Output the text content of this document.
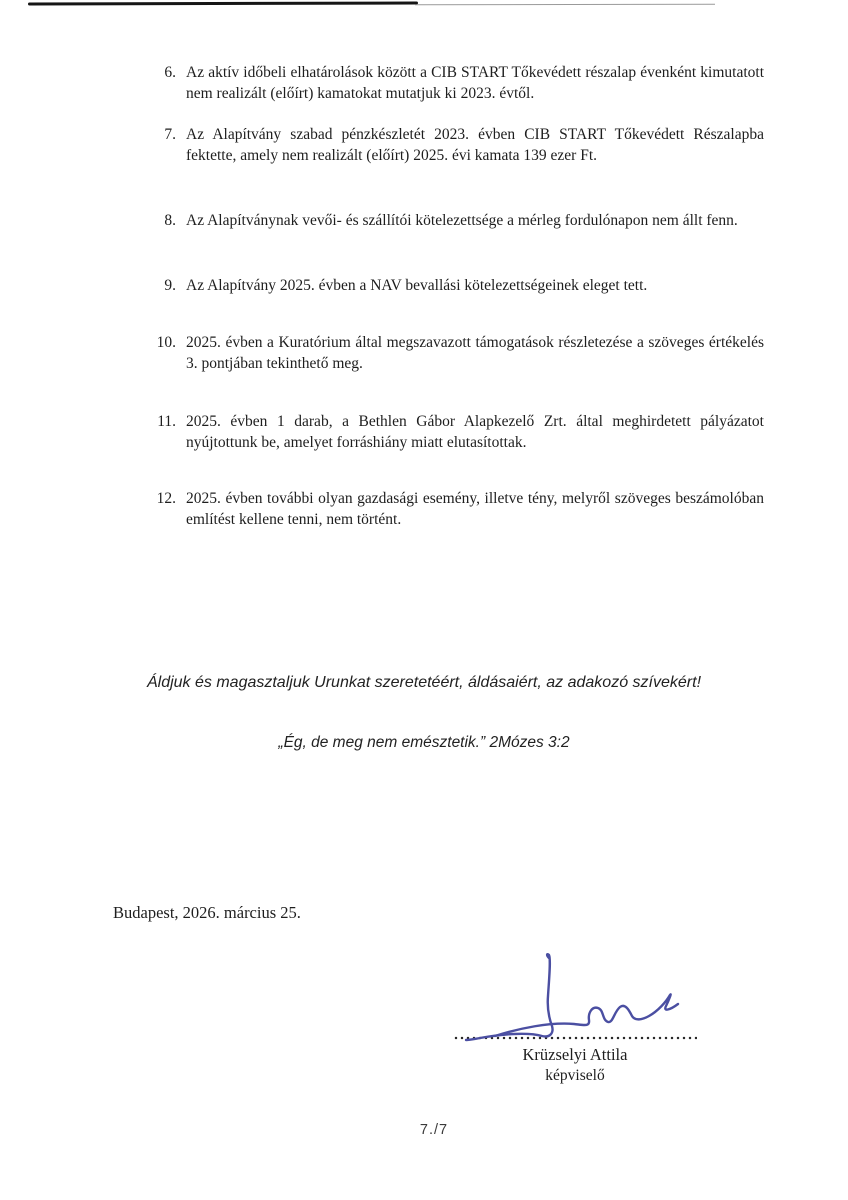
6. Az aktív időbeli elhatárolások között a CIB START Tőkevédett részalap évenként kimutatott nem realizált (előírt) kamatokat mutatjuk ki 2023. évtől.

7. Az Alapítvány szabad pénzkészletét 2023. évben CIB START Tőkevédett Részalapba fektette, amely nem realizált (előírt) 2025. évi kamata 139 ezer Ft.

8. Az Alapítványnak vevői- és szállítói kötelezettsége a mérleg fordulónapon nem állt fenn.

9. Az Alapítvány 2025. évben a NAV bevallási kötelezettségeinek eleget tett.

10. 2025. évben a Kuratórium által megszavazott támogatások részletezése a szöveges értékelés 3. pontjában tekinthető meg.

11. 2025. évben 1 darab, a Bethlen Gábor Alapkezelő Zrt. által meghirdetett pályázatot nyújtottunk be, amelyet forráshiány miatt elutasítottak.

12. 2025. évben további olyan gazdasági esemény, illetve tény, melyről szöveges beszámolóban említést kellene tenni, nem történt.

Áldjuk és magasztaljuk Urunkat szeretetéért, áldásaiért, az adakozó szívekért!

„Ég, de meg nem emésztetik.” 2Mózes 3:2

Budapest, 2026. március 25.

Krüzselyi Attila

képviselő

7./7
